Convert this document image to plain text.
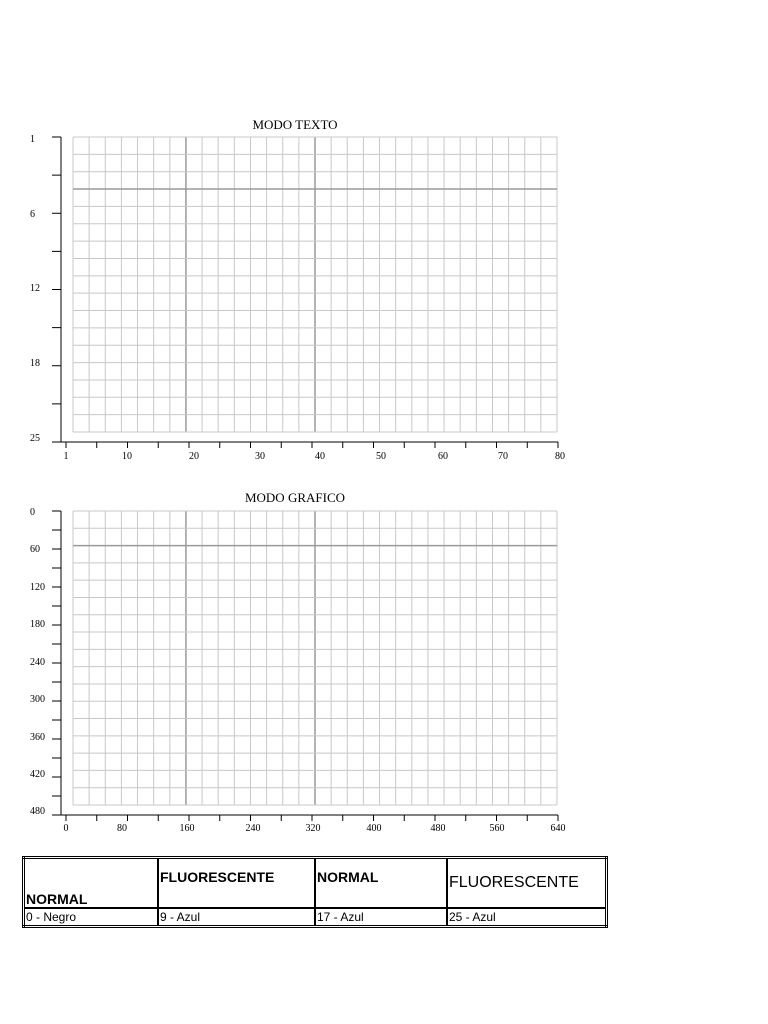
MODO TEXTO
1
6
12
18
25
1	10	20	30	40	50	60	70	80
MODO GRAFICO
0
60
120
180
240
300
360
420
480
0	80	160	240	320	400	480	560	640
NORMAL	FLUORESCENTE	NORMAL	FLUORESCENTE
0 - Negro	9 - Azul	17 - Azul	25 - Azul
